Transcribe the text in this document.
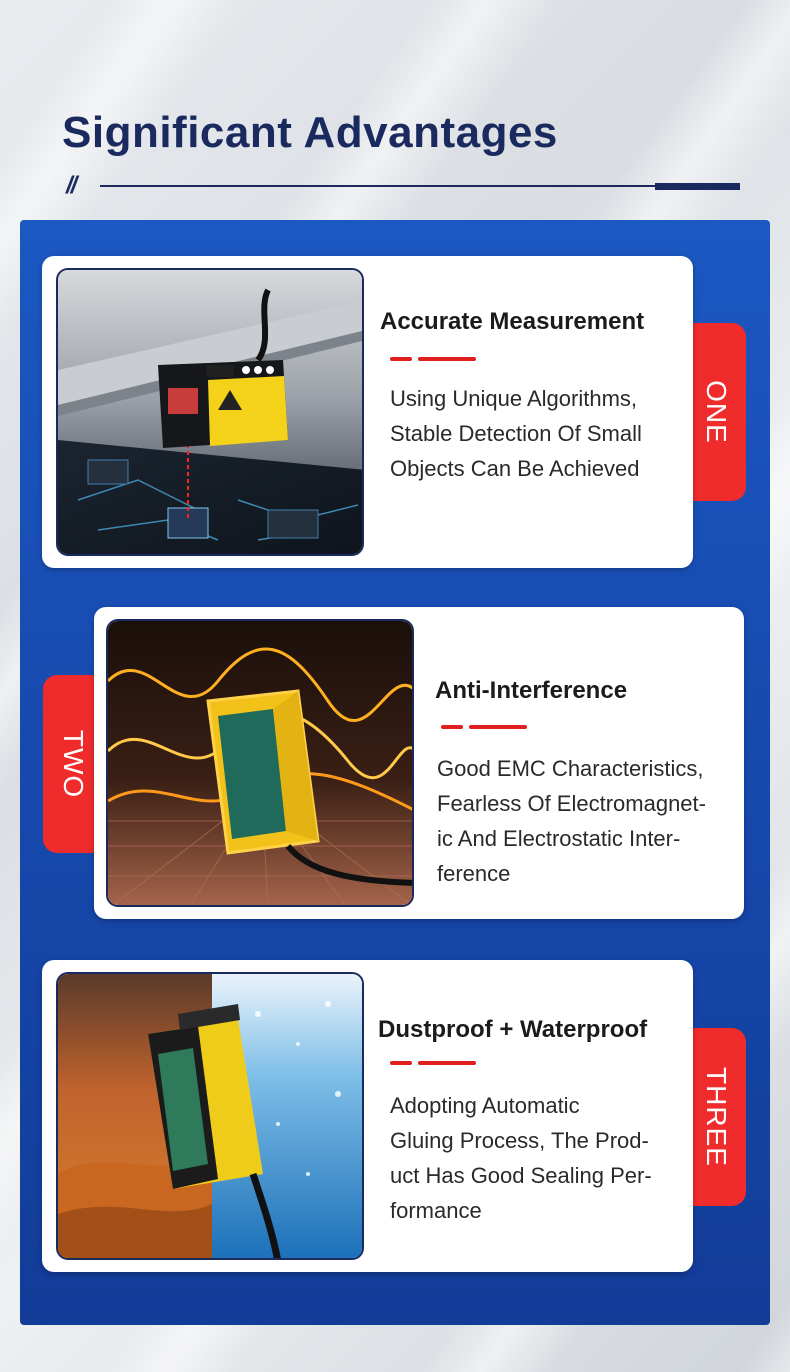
Significant Advantages
//
ONE
Accurate Measurement
Using Unique Algorithms,
Stable Detection Of Small
Objects Can Be Achieved
TWO
Anti-Interference
Good EMC Characteristics,
Fearless Of Electromagnet-
ic And Electrostatic Inter-
ference
THREE
Dustproof + Waterproof
Adopting Automatic
Gluing Process, The Prod-
uct Has Good Sealing Per-
formance
